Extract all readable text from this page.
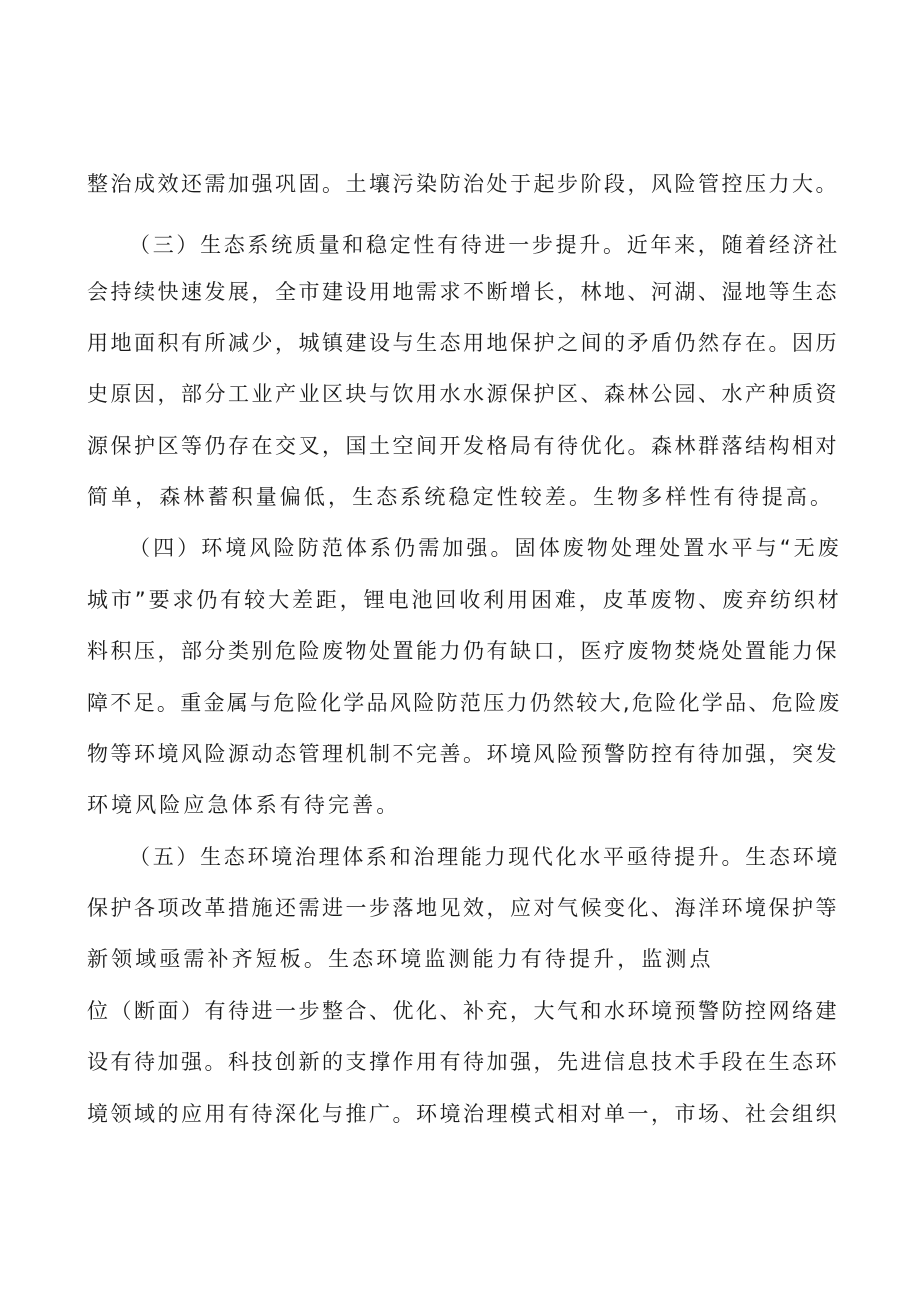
整治成效还需加强巩固。土壤污染防治处于起步阶段，风险管控压力大。
（三）生态系统质量和稳定性有待进一步提升。近年来，随着经济社
会持续快速发展，全市建设用地需求不断增长，林地、河湖、湿地等生态
用地面积有所减少，城镇建设与生态用地保护之间的矛盾仍然存在。因历
史原因，部分工业产业区块与饮用水水源保护区、森林公园、水产种质资
源保护区等仍存在交叉，国土空间开发格局有待优化。森林群落结构相对
简单，森林蓄积量偏低，生态系统稳定性较差。生物多样性有待提高。
（四）环境风险防范体系仍需加强。固体废物处理处置水平与“无废
城市”要求仍有较大差距，锂电池回收利用困难，皮革废物、废弃纺织材
料积压，部分类别危险废物处置能力仍有缺口，医疗废物焚烧处置能力保
障不足。重金属与危险化学品风险防范压力仍然较大,危险化学品、危险废
物等环境风险源动态管理机制不完善。环境风险预警防控有待加强，突发
环境风险应急体系有待完善。
（五）生态环境治理体系和治理能力现代化水平亟待提升。生态环境
保护各项改革措施还需进一步落地见效，应对气候变化、海洋环境保护等
新领域亟需补齐短板。生态环境监测能力有待提升，监测点
位（断面）有待进一步整合、优化、补充，大气和水环境预警防控网络建
设有待加强。科技创新的支撑作用有待加强，先进信息技术手段在生态环
境领域的应用有待深化与推广。环境治理模式相对单一，市场、社会组织
